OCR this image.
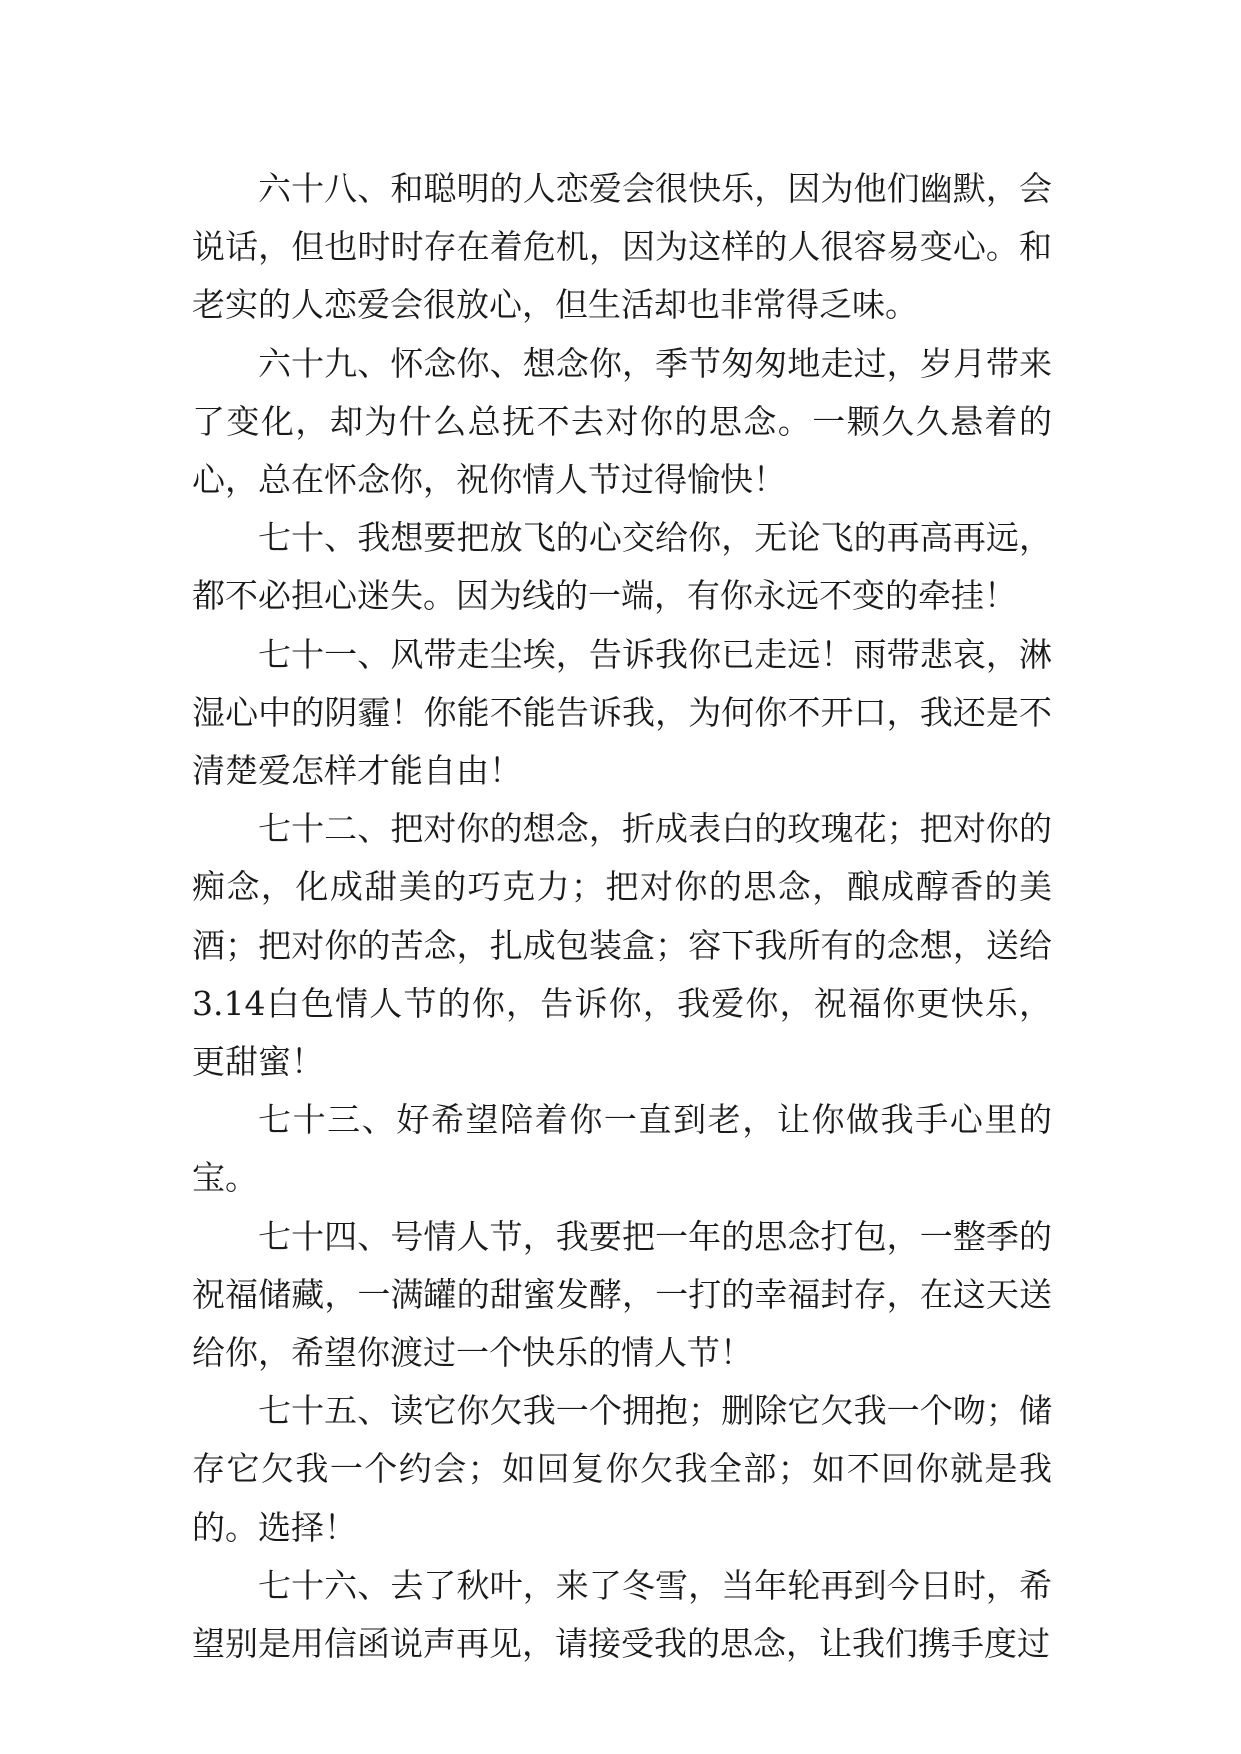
六十八、和聪明的人恋爱会很快乐，因为他们幽默，会说话，但也时时存在着危机，因为这样的人很容易变心。和老实的人恋爱会很放心，但生活却也非常得乏味。

六十九、怀念你、想念你，季节匆匆地走过，岁月带来了变化，却为什么总抚不去对你的思念。一颗久久悬着的心，总在怀念你，祝你情人节过得愉快！

七十、我想要把放飞的心交给你，无论飞的再高再远，都不必担心迷失。因为线的一端，有你永远不变的牵挂！

七十一、风带走尘埃，告诉我你已走远！雨带悲哀，淋湿心中的阴霾！你能不能告诉我，为何你不开口，我还是不清楚爱怎样才能自由！

七十二、把对你的想念，折成表白的玫瑰花；把对你的痴念，化成甜美的巧克力；把对你的思念，酿成醇香的美酒；把对你的苦念，扎成包装盒；容下我所有的念想，送给3.14白色情人节的你，告诉你，我爱你，祝福你更快乐，更甜蜜！

七十三、好希望陪着你一直到老，让你做我手心里的宝。

七十四、号情人节，我要把一年的思念打包，一整季的祝福储藏，一满罐的甜蜜发酵，一打的幸福封存，在这天送给你，希望你渡过一个快乐的情人节！

七十五、读它你欠我一个拥抱；删除它欠我一个吻；储存它欠我一个约会；如回复你欠我全部；如不回你就是我的。选择！

七十六、去了秋叶，来了冬雪，当年轮再到今日时，希望别是用信函说声再见，请接受我的思念，让我们携手度过
